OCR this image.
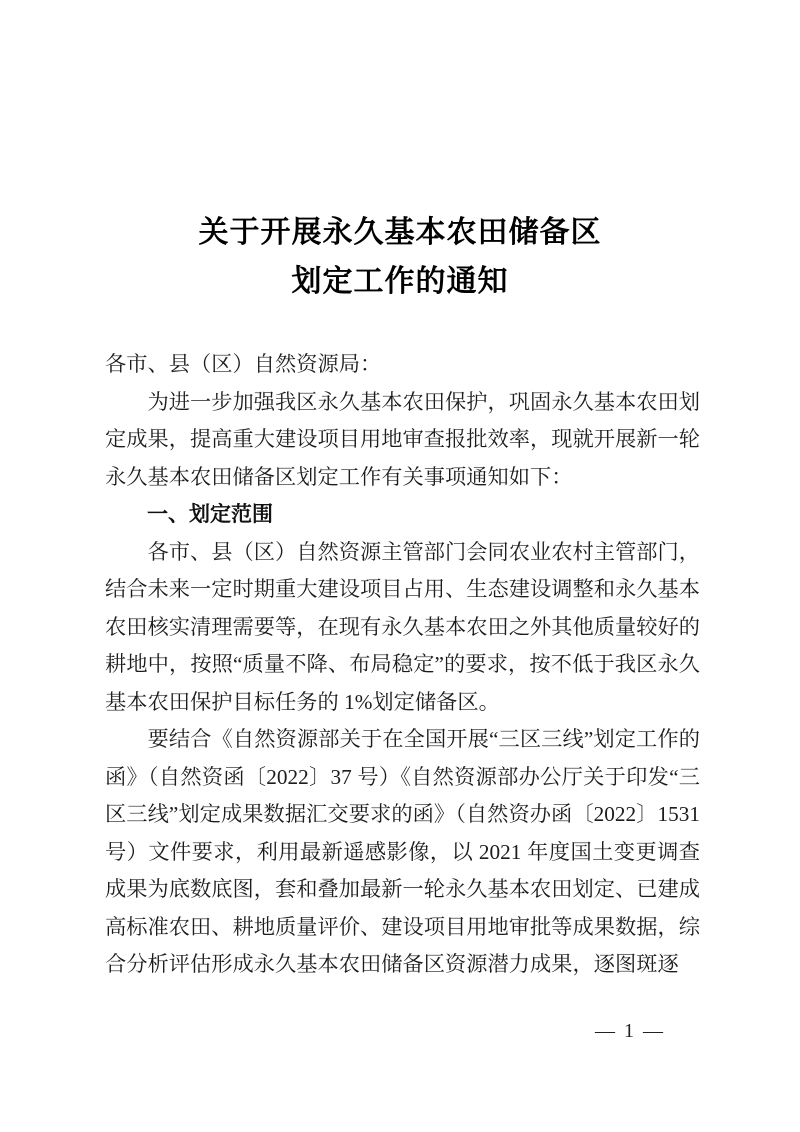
关于开展永久基本农田储备区
划定工作的通知

各市、县（区）自然资源局：

为进一步加强我区永久基本农田保护，巩固永久基本农田划定成果，提高重大建设项目用地审查报批效率，现就开展新一轮永久基本农田储备区划定工作有关事项通知如下：

一、划定范围

各市、县（区）自然资源主管部门会同农业农村主管部门，结合未来一定时期重大建设项目占用、生态建设调整和永久基本农田核实清理需要等，在现有永久基本农田之外其他质量较好的耕地中，按照“质量不降、布局稳定”的要求，按不低于我区永久基本农田保护目标任务的 1%划定储备区。

要结合《自然资源部关于在全国开展“三区三线”划定工作的函》（自然资函〔2022〕37 号）《自然资源部办公厅关于印发“三区三线”划定成果数据汇交要求的函》（自然资办函〔2022〕1531 号）文件要求，利用最新遥感影像，以 2021 年度国土变更调查成果为底数底图，套和叠加最新一轮永久基本农田划定、已建成高标准农田、耕地质量评价、建设项目用地审批等成果数据，综合分析评估形成永久基本农田储备区资源潜力成果，逐图斑逐

— 1 —
